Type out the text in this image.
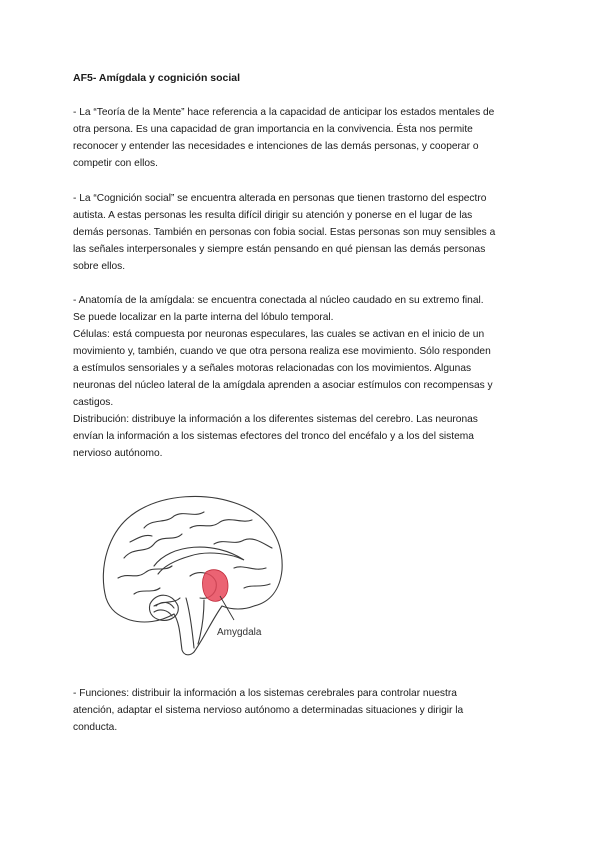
AF5- Amígdala y cognición social

- La “Teoría de la Mente” hace referencia a la capacidad de anticipar los estados mentales de

otra persona. Es una capacidad de gran importancia en la convivencia. Ésta nos permite

reconocer y entender las necesidades e intenciones de las demás personas, y cooperar o

competir con ellos.

- La “Cognición social” se encuentra alterada en personas que tienen trastorno del espectro

autista. A estas personas les resulta difícil dirigir su atención y ponerse en el lugar de las

demás personas. También en personas con fobia social. Estas personas son muy sensibles a

las señales interpersonales y siempre están pensando en qué piensan las demás personas

sobre ellos.

- Anatomía de la amígdala: se encuentra conectada al núcleo caudado en su extremo final.

Se puede localizar en la parte interna del lóbulo temporal.

Células: está compuesta por neuronas especulares, las cuales se activan en el inicio de un

movimiento y, también, cuando ve que otra persona realiza ese movimiento. Sólo responden

a estímulos sensoriales y a señales motoras relacionadas con los movimientos. Algunas

neuronas del núcleo lateral de la amígdala aprenden a asociar estímulos con recompensas y

castigos.

Distribución: distribuye la información a los diferentes sistemas del cerebro. Las neuronas

envían la información a los sistemas efectores del tronco del encéfalo y a los del sistema

nervioso autónomo.

Amygdala

- Funciones: distribuir la información a los sistemas cerebrales para controlar nuestra

atención, adaptar el sistema nervioso autónomo a determinadas situaciones y dirigir la

conducta.
